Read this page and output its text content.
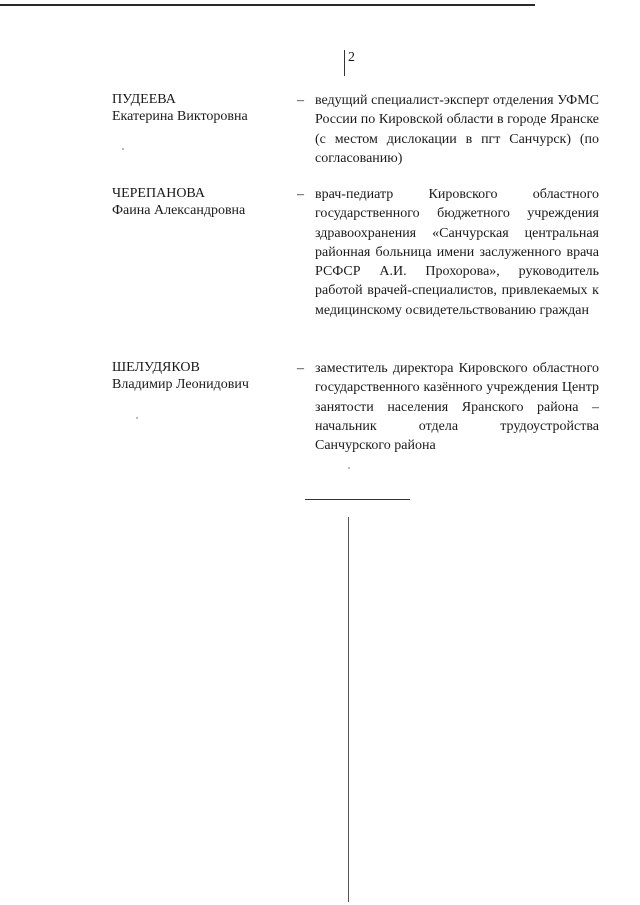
2
ПУДЕЕВА
Екатерина Викторовна
– ведущий специалист-эксперт отделения УФМС России по Кировской области в городе Яранске (с местом дислокации в пгт Санчурск) (по согласованию)

ЧЕРЕПАНОВА
Фаина Александровна
– врач-педиатр Кировского областного государственного бюджетного учреждения здравоохранения «Санчурская центральная районная больница имени заслуженного врача РСФСР А.И. Прохорова», руководитель работой врачей-специалистов, привлекаемых к медицинскому освидетельствованию граждан

ШЕЛУДЯКОВ
Владимир Леонидович
– заместитель директора Кировского областного государственного казённого учреждения Центр занятости населения Яранского района – начальник отдела трудоустройства Санчурского района
